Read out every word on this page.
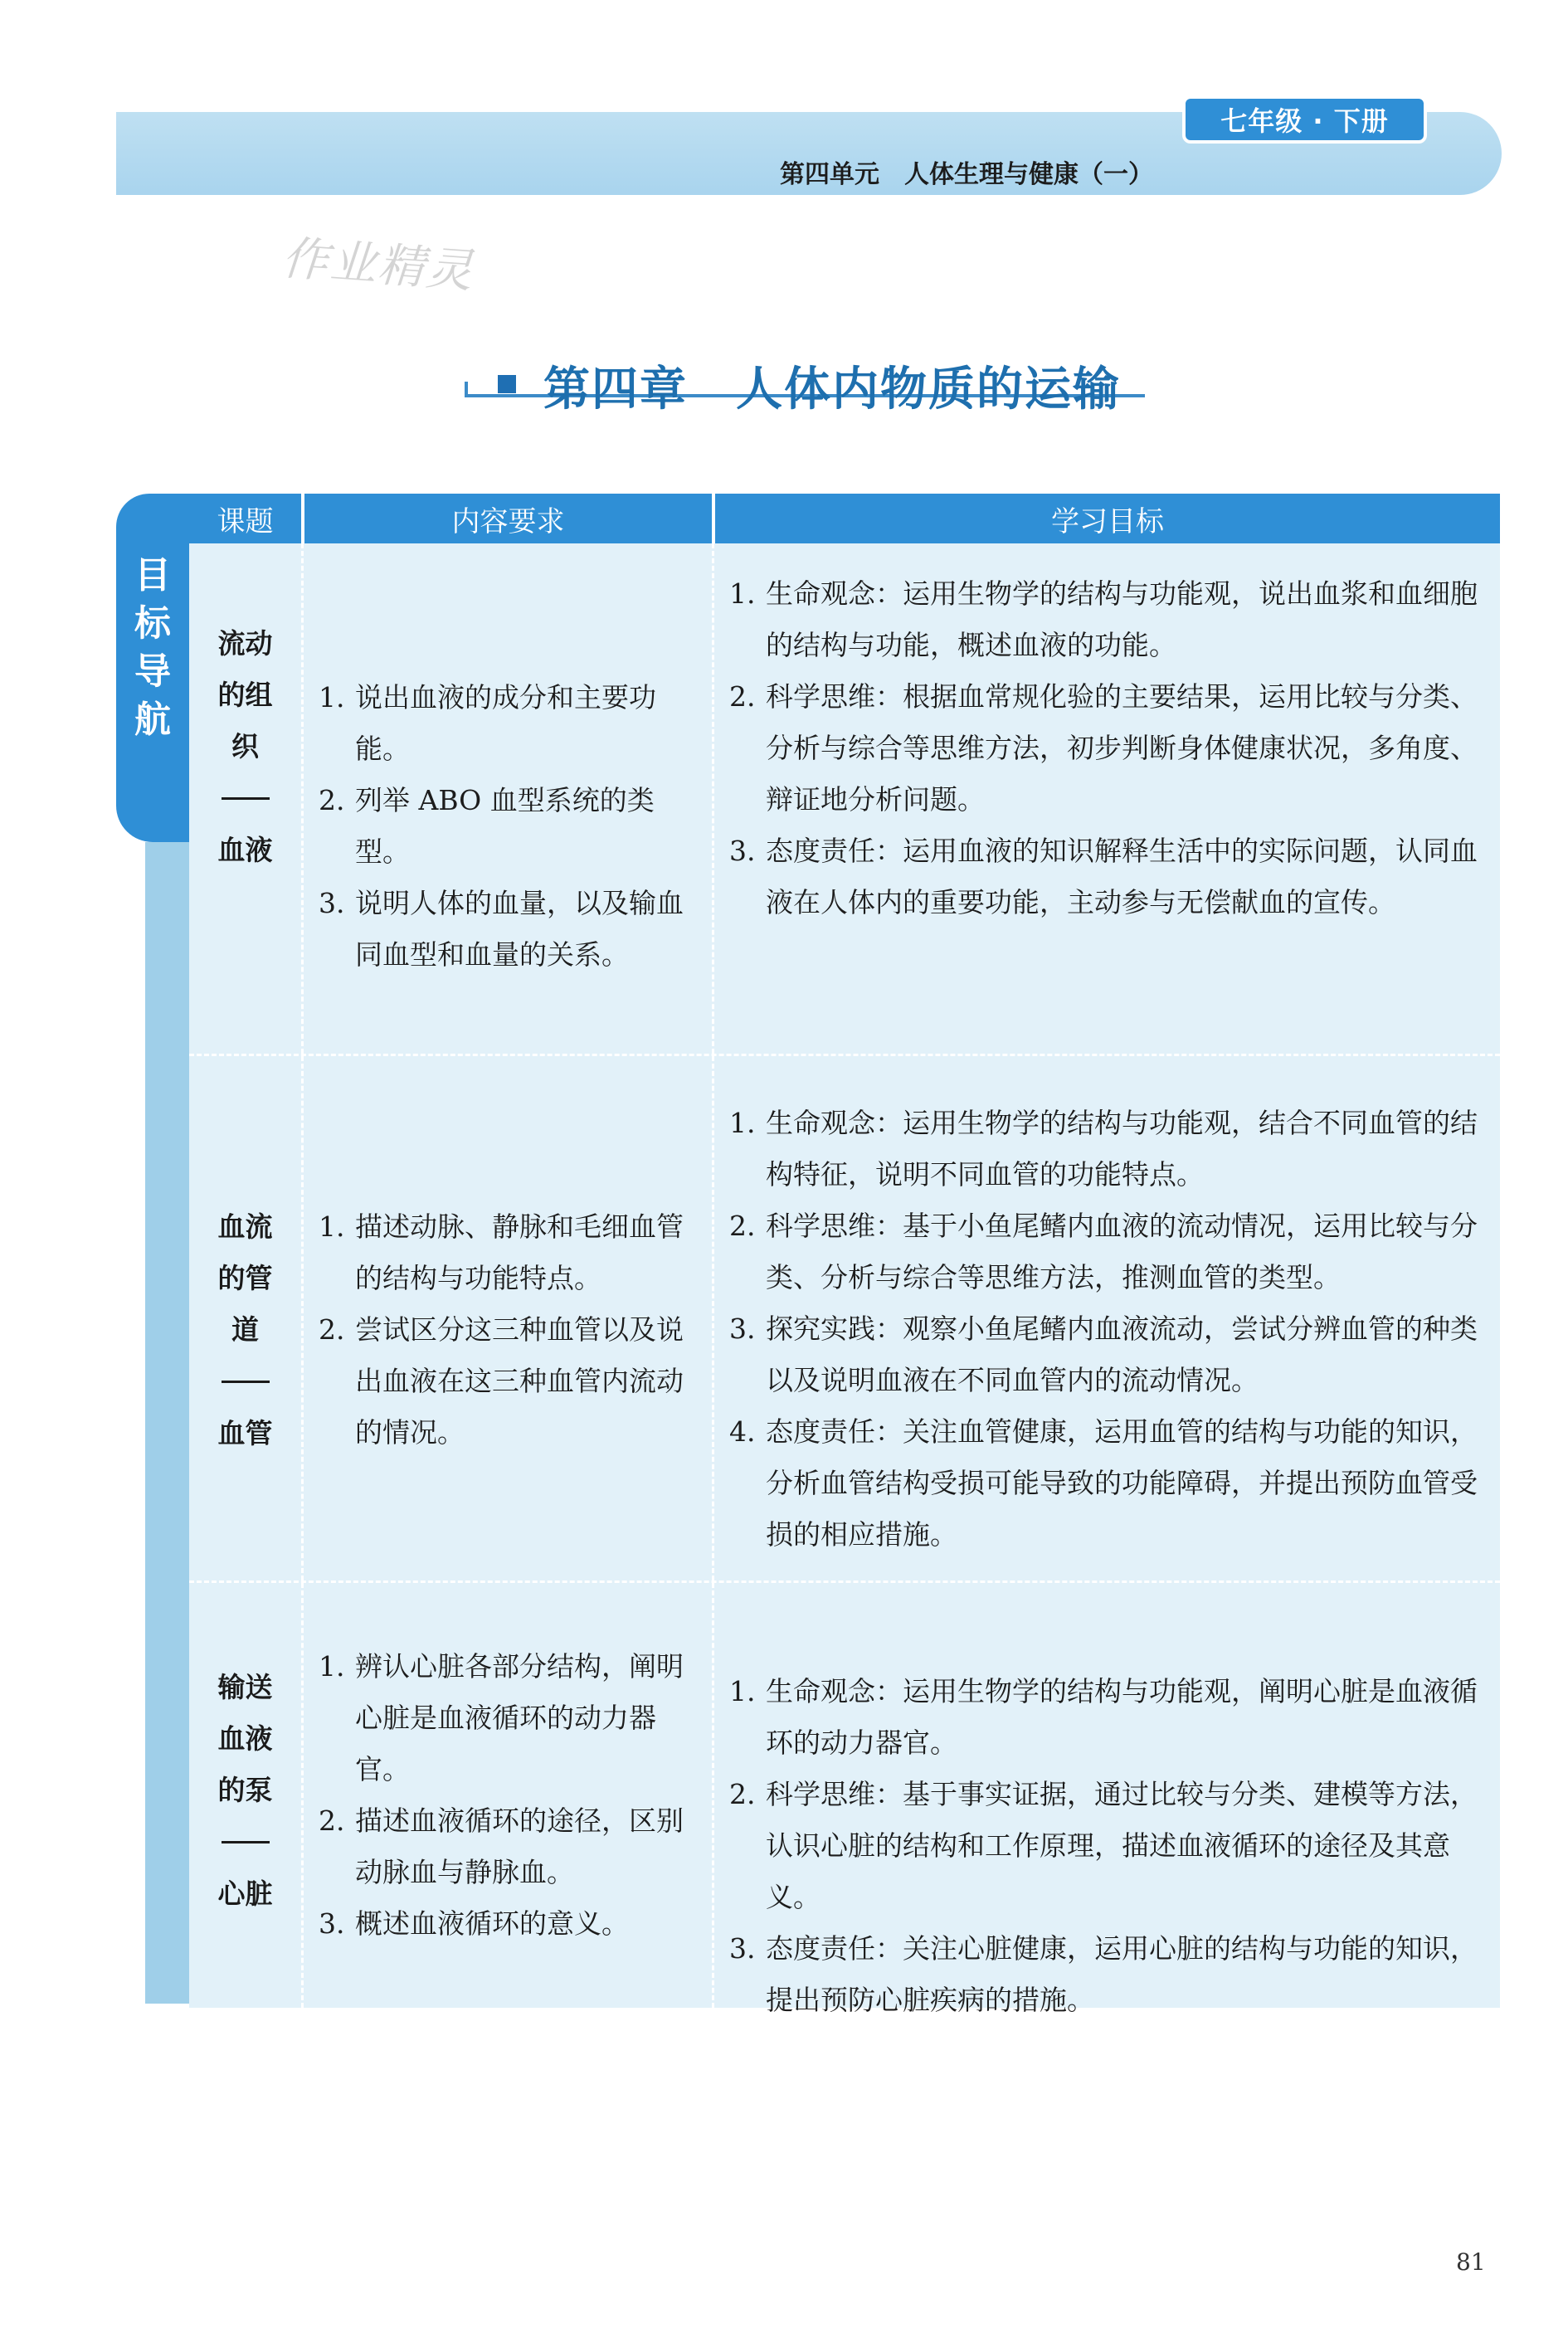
七年级 · 下册
第四单元　人体生理与健康（一）
作业精灵
第四章　人体内物质的运输
目
标
导
航
课题	内容要求	学习目标
流动
的组
织
血液
1. 说出血液的成分和主要功能。
2. 列举 ABO 血型系统的类型。
3. 说明人体的血量，以及输血同血型和血量的关系。
1. 生命观念：运用生物学的结构与功能观，说出血浆和血细胞的结构与功能，概述血液的功能。
2. 科学思维：根据血常规化验的主要结果，运用比较与分类、分析与综合等思维方法，初步判断身体健康状况，多角度、辩证地分析问题。
3. 态度责任：运用血液的知识解释生活中的实际问题，认同血液在人体内的重要功能，主动参与无偿献血的宣传。
血流
的管
道
血管
1. 描述动脉、静脉和毛细血管的结构与功能特点。
2. 尝试区分这三种血管以及说出血液在这三种血管内流动的情况。
1. 生命观念：运用生物学的结构与功能观，结合不同血管的结构特征，说明不同血管的功能特点。
2. 科学思维：基于小鱼尾鳍内血液的流动情况，运用比较与分类、分析与综合等思维方法，推测血管的类型。
3. 探究实践：观察小鱼尾鳍内血液流动，尝试分辨血管的种类以及说明血液在不同血管内的流动情况。
4. 态度责任：关注血管健康，运用血管的结构与功能的知识，分析血管结构受损可能导致的功能障碍，并提出预防血管受损的相应措施。
输送
血液
的泵
心脏
1. 辨认心脏各部分结构，阐明心脏是血液循环的动力器官。
2. 描述血液循环的途径，区别动脉血与静脉血。
3. 概述血液循环的意义。
1. 生命观念：运用生物学的结构与功能观，阐明心脏是血液循环的动力器官。
2. 科学思维：基于事实证据，通过比较与分类、建模等方法，认识心脏的结构和工作原理，描述血液循环的途径及其意义。
3. 态度责任：关注心脏健康，运用心脏的结构与功能的知识，提出预防心脏疾病的措施。
81
